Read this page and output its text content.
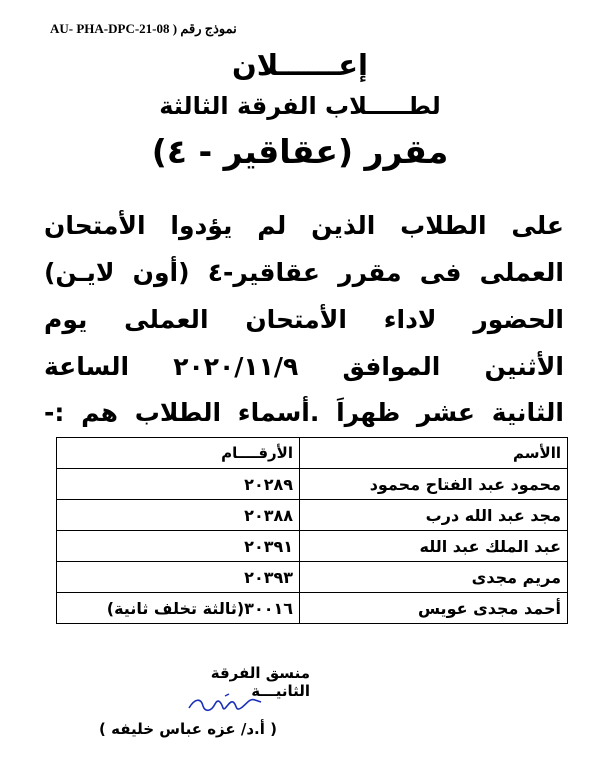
نموذج رقم ( AU- PHA-DPC-21-08
إعــــــلان
لطـــــلاب الفرقة الثالثة
مقرر (عقاقير - ٤)
على الطلاب الذين لم يؤدوا الأمتحان
العملى فى مقرر عقاقير-٤ (أون لايـن)
الحضور لاداء الأمتحان العملى يوم
الأثنين الموافق ٢٠٢٠/١١/٩ الساعة
الثانية عشر ظهراَ .أسماء الطلاب هم :-
االأسم	الأرقــــام
محمود عبد الفتاح محمود	٢٠٢٨٩
مجد عبد الله درب	٢٠٣٨٨
عبد الملك عبد الله	٢٠٣٩١
مريم مجدى	٢٠٣٩٣
أحمد مجدى عويس	٣٠٠١٦(ثالثة تخلف ثانية)
منسق الفرقة الثانيـــة
( أ.د/ عزه عباس خليفه )
